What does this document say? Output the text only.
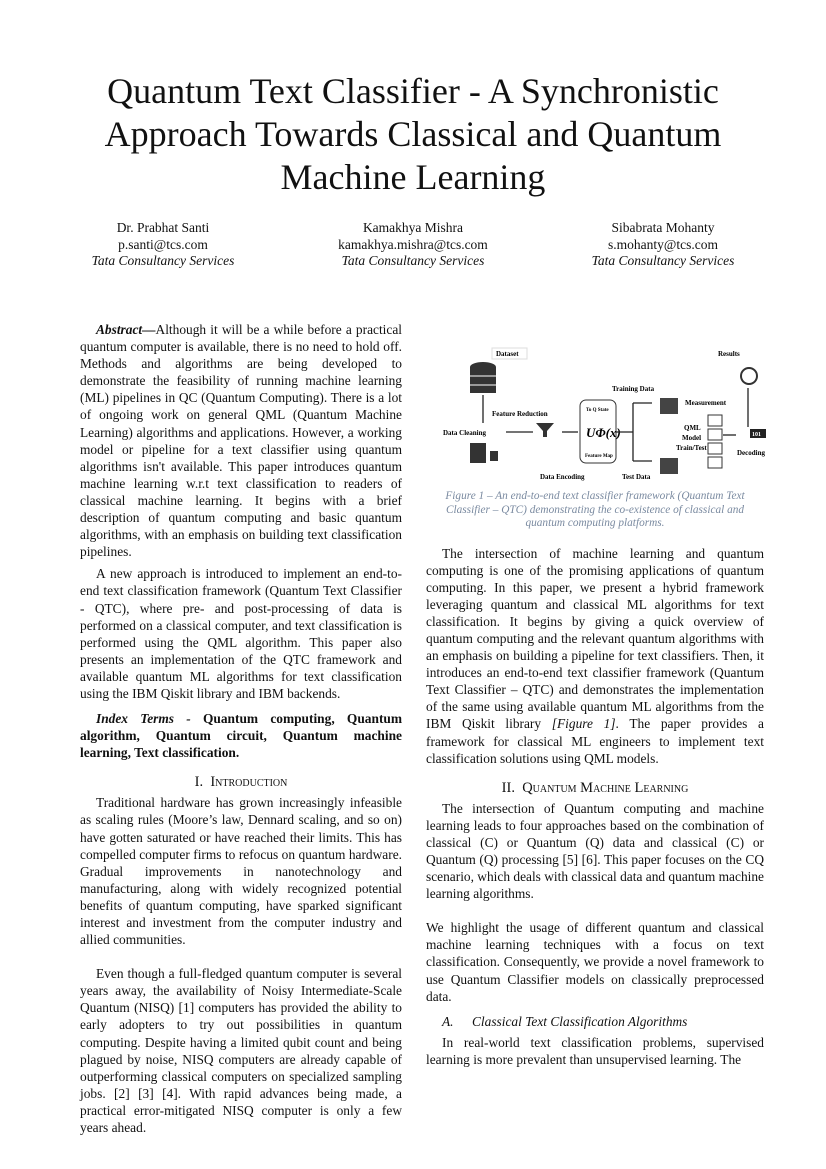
Quantum Text Classifier - A Synchronistic
Approach Towards Classical and Quantum
Machine Learning
Dr. Prabhat Santi
p.santi@tcs.com
Tata Consultancy Services
Kamakhya Mishra
kamakhya.mishra@tcs.com
Tata Consultancy Services
Sibabrata Mohanty
s.mohanty@tcs.com
Tata Consultancy Services

Abstract—Although it will be a while before a practical quantum computer is available, there is no need to hold off. Methods and algorithms are being developed to demonstrate the feasibility of running machine learning (ML) pipelines in QC (Quantum Computing). There is a lot of ongoing work on general QML (Quantum Machine Learning) algorithms and applications. However, a working model or pipeline for a text classifier using quantum algorithms isn't available. This paper introduces quantum machine learning w.r.t text classification to readers of classical machine learning. It begins with a brief description of quantum computing and basic quantum algorithms, with an emphasis on building text classification pipelines.

A new approach is introduced to implement an end-to-end text classification framework (Quantum Text Classifier - QTC), where pre- and post-processing of data is performed on a classical computer, and text classification is performed using the QML algorithm. This paper also presents an implementation of the QTC framework and available quantum ML algorithms for text classification using the IBM Qiskit library and IBM backends.

Index Terms - Quantum computing, Quantum algorithm, Quantum circuit, Quantum machine learning, Text classification.

I. Introduction

Traditional hardware has grown increasingly infeasible as scaling rules (Moore’s law, Dennard scaling, and so on) have gotten saturated or have reached their limits. This has compelled computer firms to refocus on quantum hardware. Gradual improvements in nanotechnology and manufacturing, along with widely recognized potential benefits of quantum computing, have sparked significant interest and investment from the computer industry and allied communities.

Even though a full-fledged quantum computer is several years away, the availability of Noisy Intermediate-Scale Quantum (NISQ) [1] computers has provided the ability to early adopters to try out possibilities in quantum computing. Despite having a limited qubit count and being plagued by noise, NISQ computers are already capable of outperforming classical computers on specialized sampling jobs. [2] [3] [4]. With rapid advances being made, a practical error-mitigated NISQ computer is only a few years ahead.

Dataset
Data Cleaning
Feature Reduction	To Q State
UΦ(x)
Feature Map
Data Encoding
Training Data
Test Data
QML
Model
Train/Test
Measurement
101
Decoding
Results
Figure 1 – An end-to-end text classifier framework (Quantum Text Classifier – QTC) demonstrating the co-existence of classical and quantum computing platforms.

The intersection of machine learning and quantum computing is one of the promising applications of quantum computing. In this paper, we present a hybrid framework leveraging quantum and classical ML algorithms for text classification. It begins by giving a quick overview of quantum computing and the relevant quantum algorithms with an emphasis on building a pipeline for text classifiers. Then, it introduces an end-to-end text classifier framework (Quantum Text Classifier – QTC) and demonstrates the implementation of the same using available quantum ML algorithms from the IBM Qiskit library [Figure 1]. The paper provides a framework for classical ML engineers to implement text classification solutions using QML models.

II. Quantum Machine Learning

The intersection of Quantum computing and machine learning leads to four approaches based on the combination of classical (C) or Quantum (Q) data and classical (C) or Quantum (Q) processing [5] [6]. This paper focuses on the CQ scenario, which deals with classical data and quantum machine learning algorithms.

We highlight the usage of different quantum and classical machine learning techniques with a focus on text classification. Consequently, we provide a novel framework to use Quantum Classifier models on classically preprocessed data.

A. Classical Text Classification Algorithms

In real-world text classification problems, supervised learning is more prevalent than unsupervised learning. The
